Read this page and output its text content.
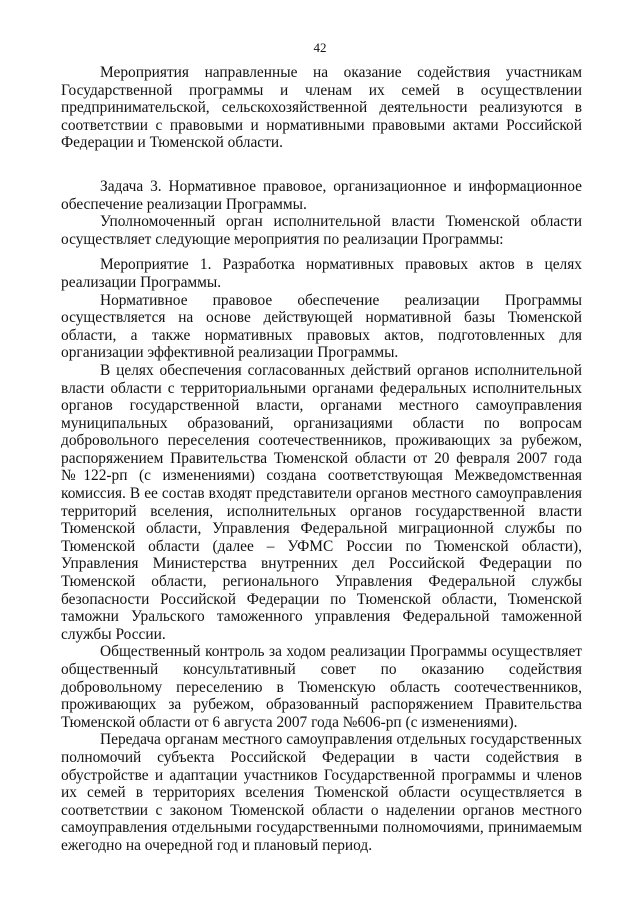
42

Мероприятия направленные на оказание содействия участникам Государственной программы и членам их семей в осуществлении предпринимательской, сельскохозяйственной деятельности реализуются в соответствии с правовыми и нормативными правовыми актами Российской Федерации и Тюменской области.

Задача 3. Нормативное правовое, организационное и информационное обеспечение реализации Программы.

Уполномоченный орган исполнительной власти Тюменской области осуществляет следующие мероприятия по реализации Программы:

Мероприятие 1. Разработка нормативных правовых актов в целях реализации Программы.

Нормативное правовое обеспечение реализации Программы осуществляется на основе действующей нормативной базы Тюменской области, а также нормативных правовых актов, подготовленных для организации эффективной реализации Программы.

В целях обеспечения согласованных действий органов исполнительной власти области с территориальными органами федеральных исполнительных органов государственной власти, органами местного самоуправления муниципальных образований, организациями области по вопросам добровольного переселения соотечественников, проживающих за рубежом, распоряжением Правительства Тюменской области от 20 февраля 2007 года №122-рп (с изменениями) создана соответствующая Межведомственная комиссия. В ее состав входят представители органов местного самоуправления территорий вселения, исполнительных органов государственной власти Тюменской области, Управления Федеральной миграционной службы по Тюменской области (далее – УФМС России по Тюменской области), Управления Министерства внутренних дел Российской Федерации по Тюменской области, регионального Управления Федеральной службы безопасности Российской Федерации по Тюменской области, Тюменской таможни Уральского таможенного управления Федеральной таможенной службы России.

Общественный контроль за ходом реализации Программы осуществляет общественный консультативный совет по оказанию содействия добровольному переселению в Тюменскую область соотечественников, проживающих за рубежом, образованный распоряжением Правительства Тюменской области от 6 августа 2007 года №606-рп (с изменениями).

Передача органам местного самоуправления отдельных государственных полномочий субъекта Российской Федерации в части содействия в обустройстве и адаптации участников Государственной программы и членов их семей в территориях вселения Тюменской области осуществляется в соответствии с законом Тюменской области о наделении органов местного самоуправления отдельными государственными полномочиями, принимаемым ежегодно на очередной год и плановый период.
